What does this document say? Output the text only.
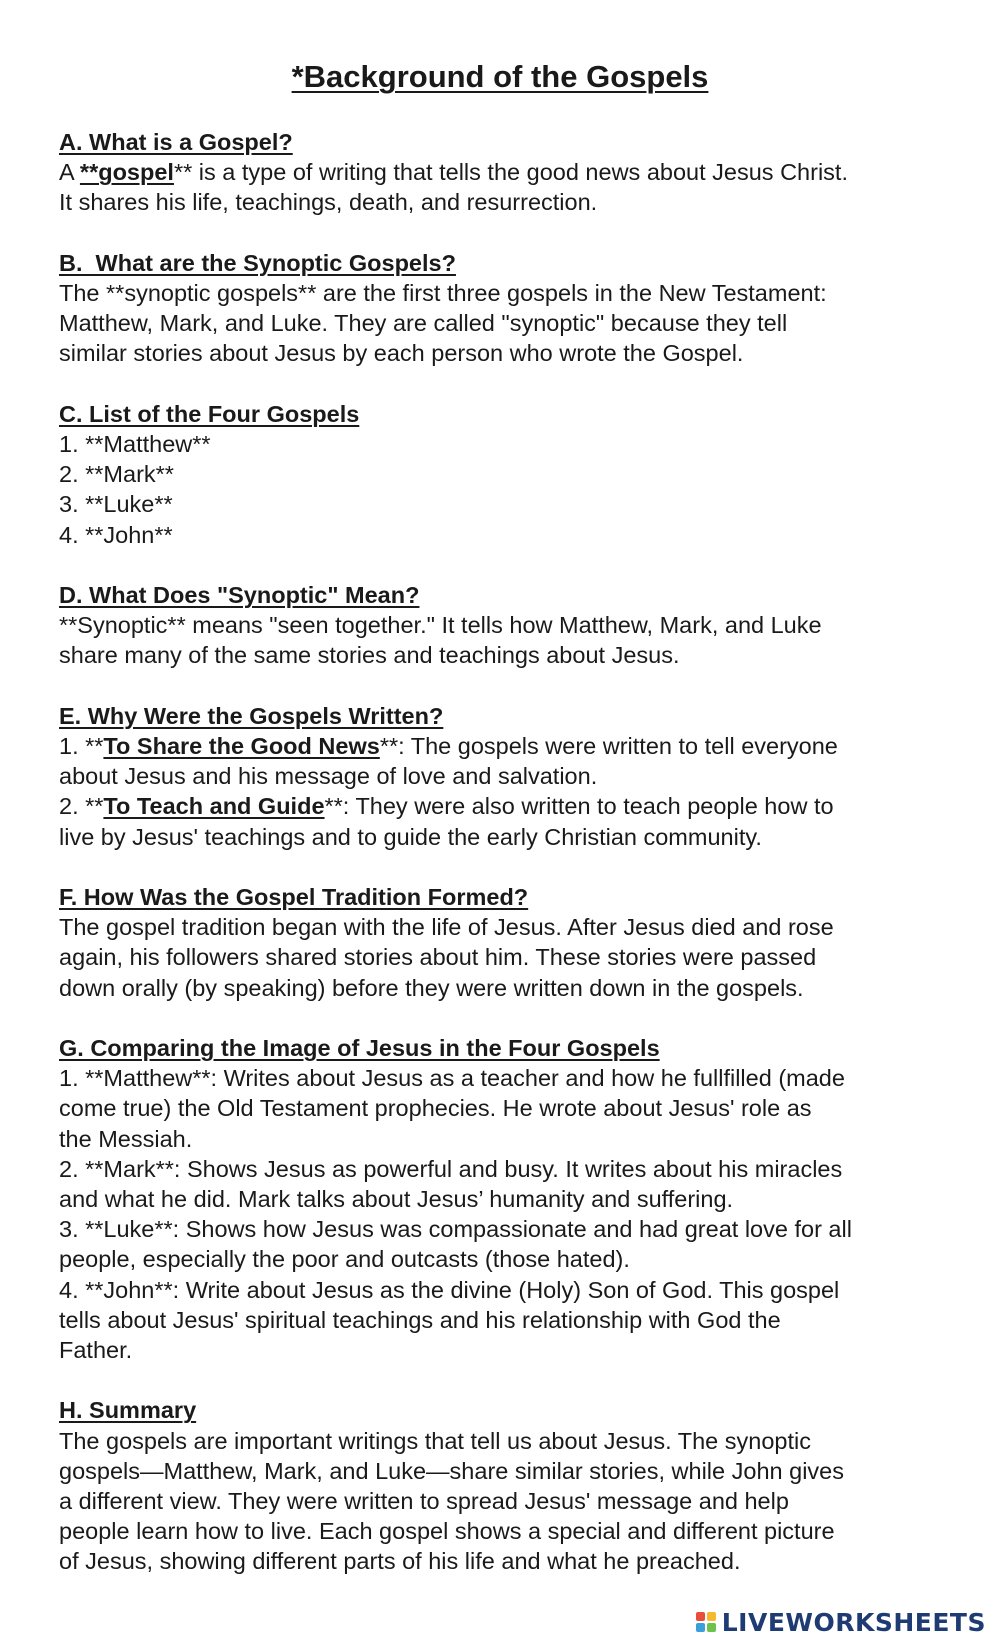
*Background of the Gospels
A. What is a Gospel?
A **gospel** is a type of writing that tells the good news about Jesus Christ.
It shares his life, teachings, death, and resurrection.
B.  What are the Synoptic Gospels?
The **synoptic gospels** are the first three gospels in the New Testament:
Matthew, Mark, and Luke. They are called "synoptic" because they tell
similar stories about Jesus by each person who wrote the Gospel.
C. List of the Four Gospels
1. **Matthew**
2. **Mark**
3. **Luke**
4. **John**
D. What Does "Synoptic" Mean?
**Synoptic** means "seen together." It tells how Matthew, Mark, and Luke
share many of the same stories and teachings about Jesus.
E. Why Were the Gospels Written?
1. **To Share the Good News**: The gospels were written to tell everyone
about Jesus and his message of love and salvation.
2. **To Teach and Guide**: They were also written to teach people how to
live by Jesus' teachings and to guide the early Christian community.
F. How Was the Gospel Tradition Formed?
The gospel tradition began with the life of Jesus. After Jesus died and rose
again, his followers shared stories about him. These stories were passed
down orally (by speaking) before they were written down in the gospels.
G. Comparing the Image of Jesus in the Four Gospels
1. **Matthew**: Writes about Jesus as a teacher and how he fullfilled (made
come true) the Old Testament prophecies. He wrote about Jesus' role as
the Messiah.
2. **Mark**: Shows Jesus as powerful and busy. It writes about his miracles
and what he did. Mark talks about Jesus’ humanity and suffering.
3. **Luke**: Shows how Jesus was compassionate and had great love for all
people, especially the poor and outcasts (those hated).
4. **John**: Write about Jesus as the divine (Holy) Son of God. This gospel
tells about Jesus' spiritual teachings and his relationship with God the
Father.
H. Summary
The gospels are important writings that tell us about Jesus. The synoptic
gospels—Matthew, Mark, and Luke—share similar stories, while John gives
a different view. They were written to spread Jesus' message and help
people learn how to live. Each gospel shows a special and different picture
of Jesus, showing different parts of his life and what he preached.
LIVEWORKSHEETS
